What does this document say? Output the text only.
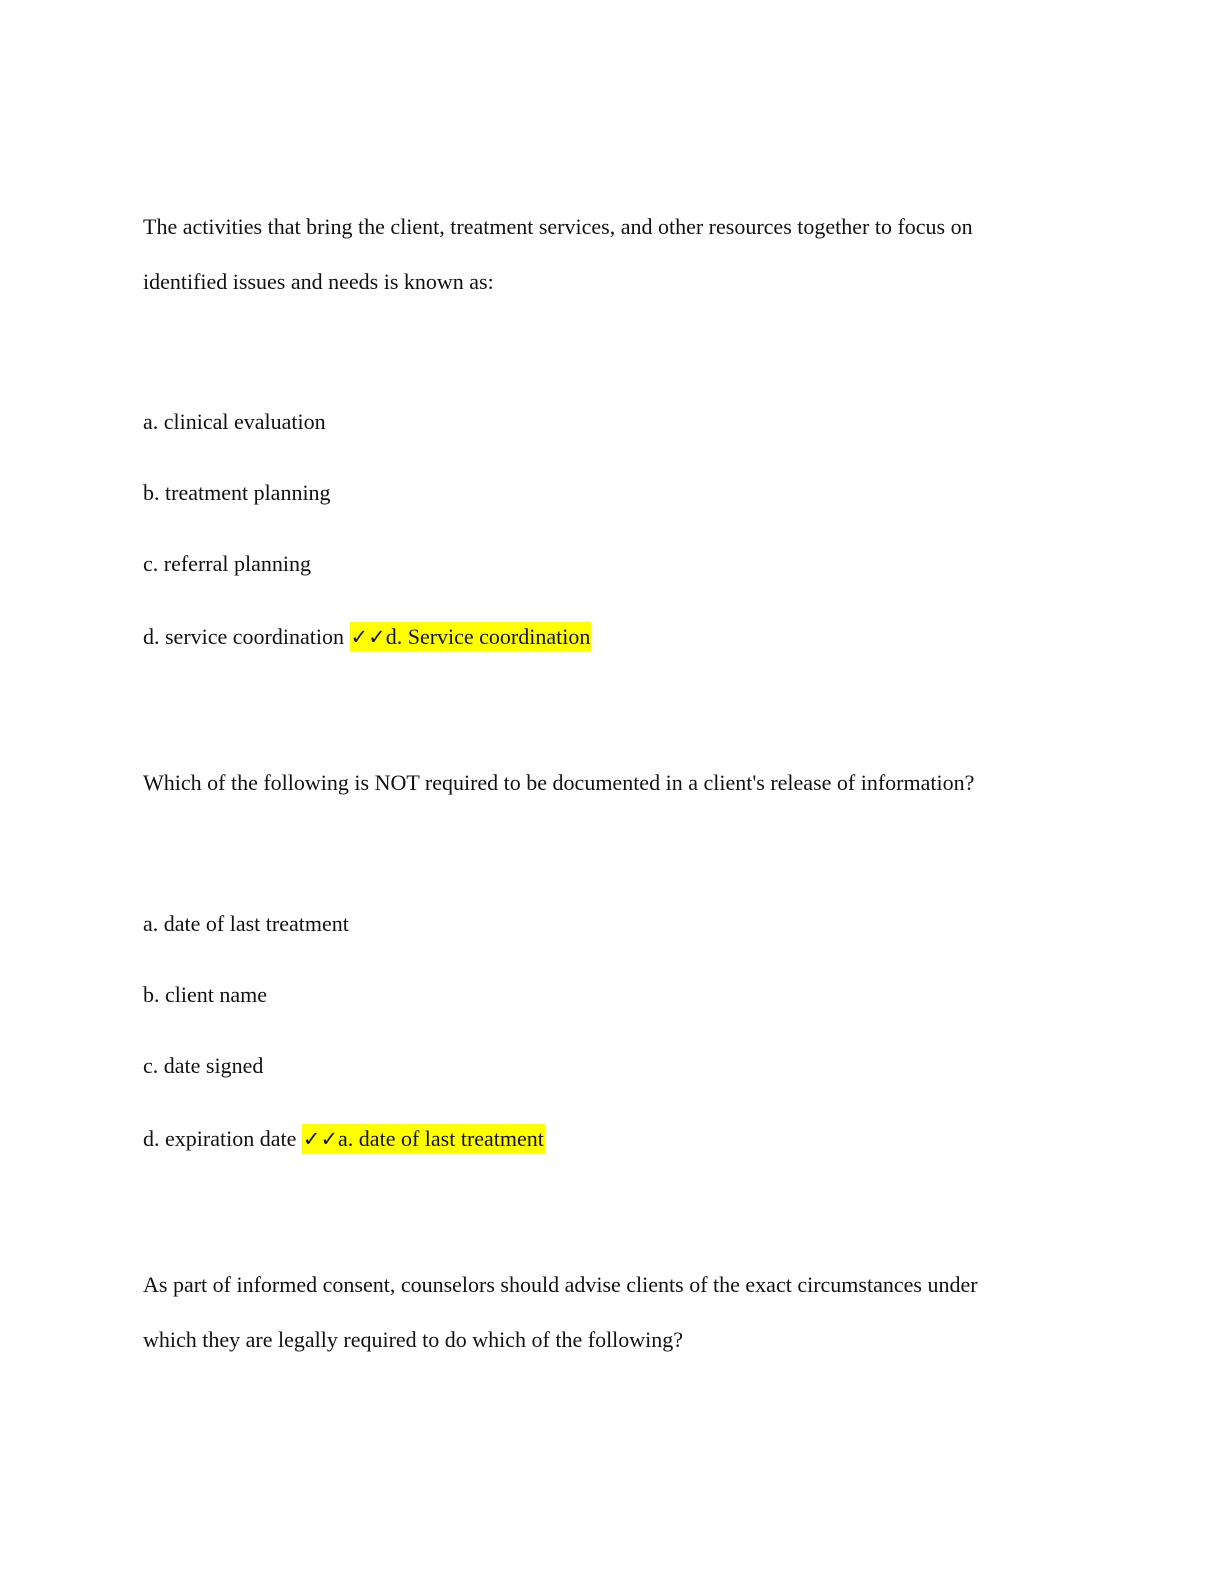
The activities that bring the client, treatment services, and other resources together to focus on
identified issues and needs is known as:
a. clinical evaluation
b. treatment planning
c. referral planning
d. service coordination ✓✓d. Service coordination
Which of the following is NOT required to be documented in a client's release of information?
a. date of last treatment
b. client name
c. date signed
d. expiration date ✓✓a. date of last treatment
As part of informed consent, counselors should advise clients of the exact circumstances under
which they are legally required to do which of the following?
